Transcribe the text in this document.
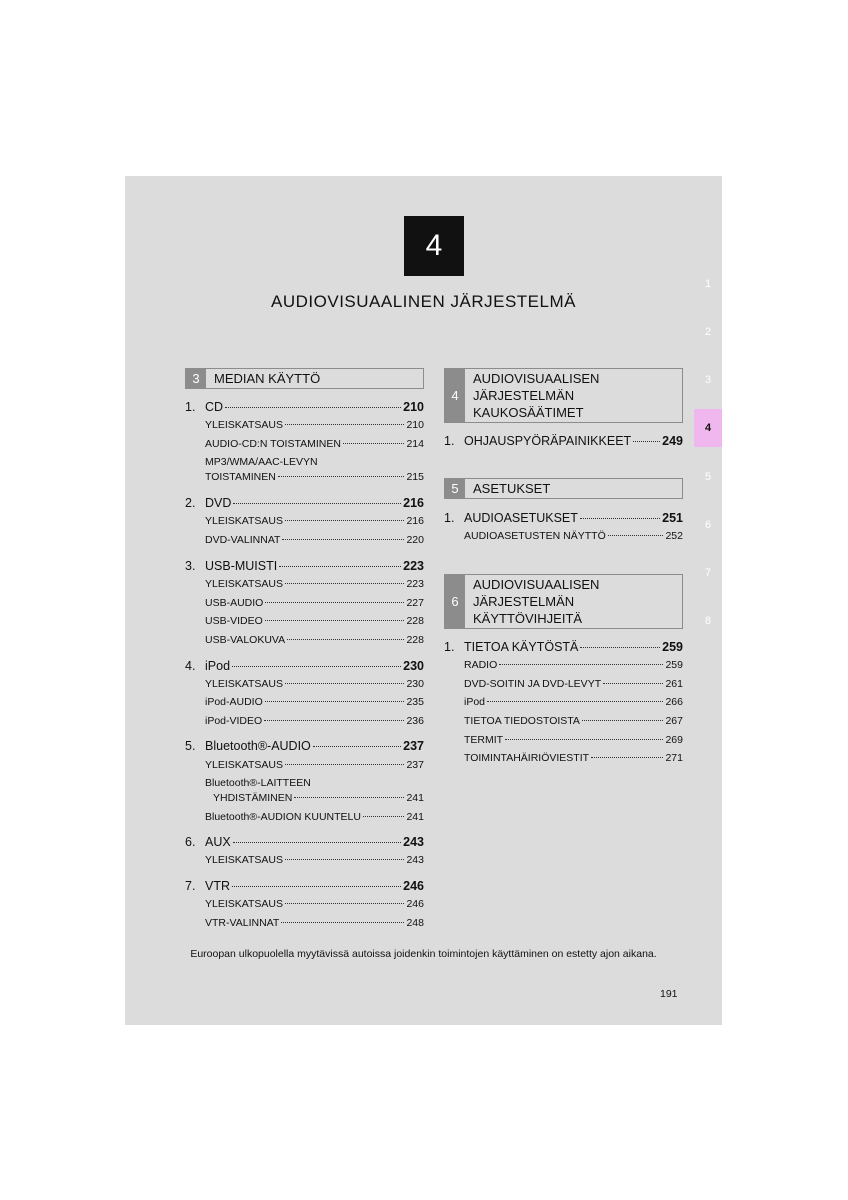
4
AUDIOVISUAALINEN JÄRJESTELMÄ
1
2
3
4
5
6
7
8
3	MEDIAN KÄYTTÖ
1. CD	210
YLEISKATSAUS	210
AUDIO-CD:N TOISTAMINEN	214
MP3/WMA/AAC-LEVYN
TOISTAMINEN	215
2. DVD	216
YLEISKATSAUS	216
DVD-VALINNAT	220
3. USB-MUISTI	223
YLEISKATSAUS	223
USB-AUDIO	227
USB-VIDEO	228
USB-VALOKUVA	228
4. iPod	230
YLEISKATSAUS	230
iPod-AUDIO	235
iPod-VIDEO	236
5. Bluetooth®-AUDIO	237
YLEISKATSAUS	237
Bluetooth®-LAITTEEN
YHDISTÄMINEN	241
Bluetooth®-AUDION KUUNTELU	241
6. AUX	243
YLEISKATSAUS	243
7. VTR	246
YLEISKATSAUS	246
VTR-VALINNAT	248
4
AUDIOVISUAALISEN
JÄRJESTELMÄN
KAUKOSÄÄTIMET
5	ASETUKSET
6
AUDIOVISUAALISEN
JÄRJESTELMÄN
KÄYTTÖVIHJEITÄ
1. OHJAUSPYÖRÄPAINIKKEET 249
1. AUDIOASETUKSET	251
AUDIOASETUSTEN NÄYTTÖ	252
1. TIETOA KÄYTÖSTÄ	259
RADIO	259
DVD-SOITIN JA DVD-LEVYT	261
iPod	266
TIETOA TIEDOSTOISTA	267
TERMIT	269
TOIMINTAHÄIRIÖVIESTIT	271
Euroopan ulkopuolella myytävissä autoissa joidenkin toimintojen käyttäminen on estetty ajon aikana.
191
